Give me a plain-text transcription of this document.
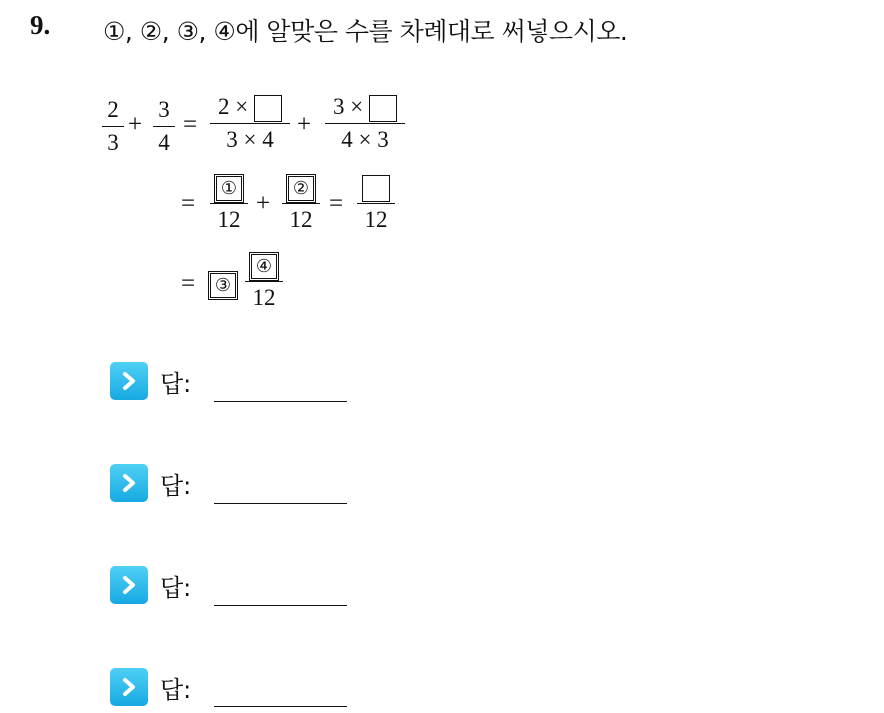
9. ①, ②, ③, ④에 알맞은 수를 차례대로 써넣으시오.
2
3
+
3
4
=
2 ×
3 × 4
+
3 ×
4 × 3
=
①
12
+
②
12
=
12
= ③
④
12
답:
답:
답:
답:
